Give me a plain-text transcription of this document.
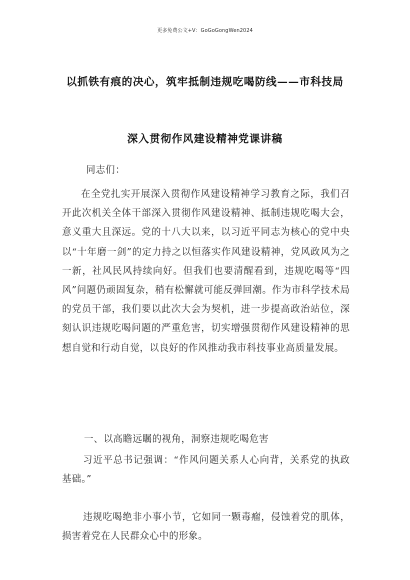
更多免费公文+V：GoGoGongWen2024
以抓铁有痕的决心，筑牢抵制违规吃喝防线——市科技局
深入贯彻作风建设精神党课讲稿
同志们：
在全党扎实开展深入贯彻作风建设精神学习教育之际，我们召开此次机关全体干部深入贯彻作风建设精神、抵制违规吃喝大会，意义重大且深远。党的十八大以来，以习近平同志为核心的党中央以“十年磨一剑”的定力持之以恒落实作风建设精神，党风政风为之一新，社风民风持续向好。但我们也要清醒看到，违规吃喝等“四风”问题仍顽固复杂，稍有松懈就可能反弹回潮。作为市科学技术局的党员干部，我们要以此次大会为契机，进一步提高政治站位，深刻认识违规吃喝问题的严重危害，切实增强贯彻作风建设精神的思想自觉和行动自觉，以良好的作风推动我市科技事业高质量发展。
一、以高瞻远瞩的视角，洞察违规吃喝危害
习近平总书记强调：“作风问题关系人心向背，关系党的执政基础。”
违规吃喝绝非小事小节，它如同一颗毒瘤，侵蚀着党的肌体，损害着党在人民群众心中的形象。
